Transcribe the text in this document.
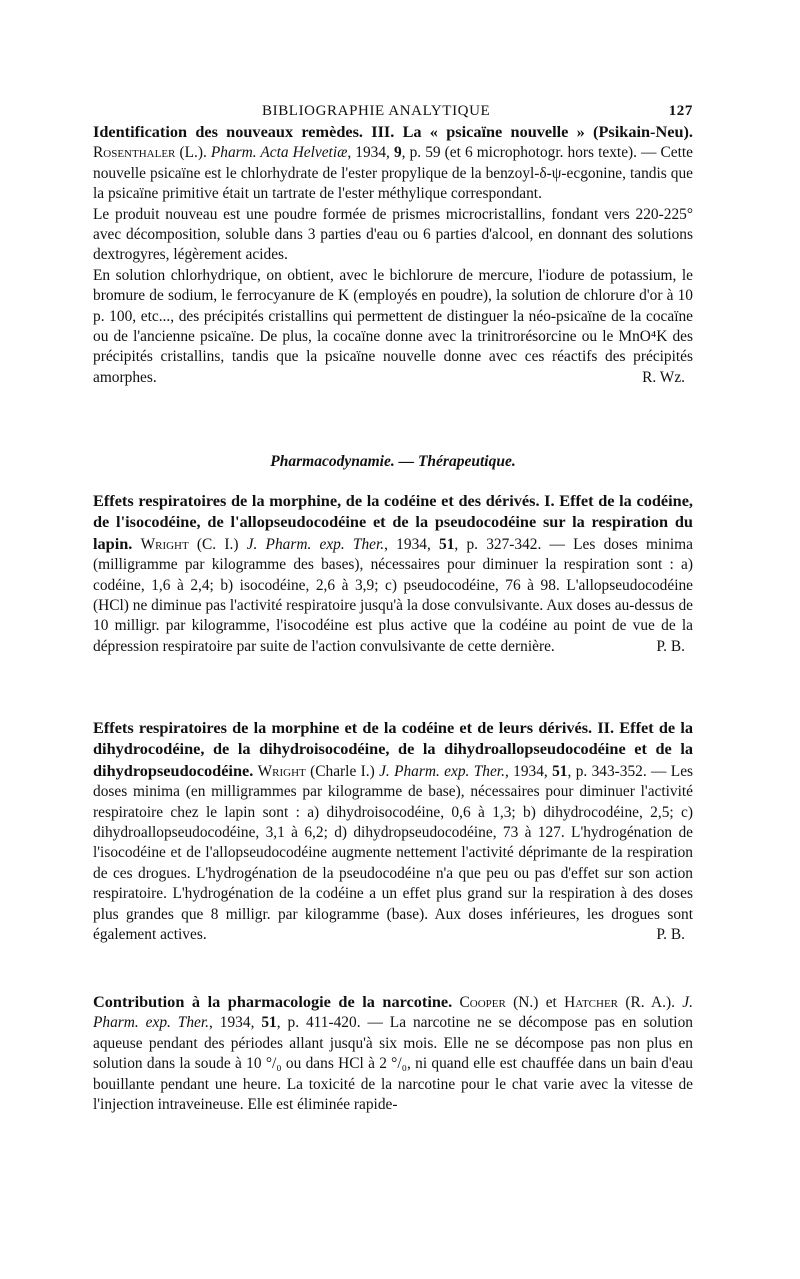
BIBLIOGRAPHIE ANALYTIQUE	127

Identification des nouveaux remèdes. III. La « psicaïne nouvelle » (Psikain-Neu). Rosenthaler (L.). Pharm. Acta Helvetiæ, 1934, 9, p. 59 (et 6 microphotogr. hors texte). — Cette nouvelle psicaïne est le chlorhydrate de l'ester propylique de la benzoyl-δ-ψ-ecgonine, tandis que la psicaïne primitive était un tartrate de l'ester méthylique correspondant.

Le produit nouveau est une poudre formée de prismes microcristallins, fondant vers 220-225° avec décomposition, soluble dans 3 parties d'eau ou 6 parties d'alcool, en donnant des solutions dextrogyres, légèrement acides.

En solution chlorhydrique, on obtient, avec le bichlorure de mercure, l'iodure de potassium, le bromure de sodium, le ferrocyanure de K (employés en poudre), la solution de chlorure d'or à 10 p. 100, etc..., des précipités cristallins qui permettent de distinguer la néo-psicaïne de la cocaïne ou de l'ancienne psicaïne. De plus, la cocaïne donne avec la trinitrorésorcine ou le MnO⁴K des précipités cristallins, tandis que la psicaïne nouvelle donne avec ces réactifs des précipités amorphes.	R. Wz.

Pharmacodynamie. — Thérapeutique.

Effets respiratoires de la morphine, de la codéine et des dérivés. I. Effet de la codéine, de l'isocodéine, de l'allopseudocodéine et de la pseudocodéine sur la respiration du lapin. Wright (C. I.) J. Pharm. exp. Ther., 1934, 51, p. 327-342. — Les doses minima (milligramme par kilogramme des bases), nécessaires pour diminuer la respiration sont : a) codéine, 1,6 à 2,4; b) isocodéine, 2,6 à 3,9; c) pseudocodéine, 76 à 98. L'allopseudocodéine (HCl) ne diminue pas l'activité respiratoire jusqu'à la dose convulsivante. Aux doses au-dessus de 10 milligr. par kilogramme, l'isocodéine est plus active que la codéine au point de vue de la dépression respiratoire par suite de l'action convulsivante de cette dernière.	P. B.

Effets respiratoires de la morphine et de la codéine et de leurs dérivés. II. Effet de la dihydrocodéine, de la dihydroisocodéine, de la dihydroallopseudocodéine et de la dihydropseudocodéine. Wright (Charle I.) J. Pharm. exp. Ther., 1934, 51, p. 343-352. — Les doses minima (en milligrammes par kilogramme de base), nécessaires pour diminuer l'activité respiratoire chez le lapin sont : a) dihydroisocodéine, 0,6 à 1,3; b) dihydrocodéine, 2,5; c) dihydroallopseudocodéine, 3,1 à 6,2; d) dihydropseudocodéine, 73 à 127. L'hydrogénation de l'isocodéine et de l'allopseudocodéine augmente nettement l'activité déprimante de la respiration de ces drogues. L'hydrogénation de la pseudocodéine n'a que peu ou pas d'effet sur son action respiratoire. L'hydrogénation de la codéine a un effet plus grand sur la respiration à des doses plus grandes que 8 milligr. par kilogramme (base). Aux doses inférieures, les drogues sont également actives.	P. B.

Contribution à la pharmacologie de la narcotine. Cooper (N.) et Hatcher (R. A.). J. Pharm. exp. Ther., 1934, 51, p. 411-420. — La narcotine ne se décompose pas en solution aqueuse pendant des périodes allant jusqu'à six mois. Elle ne se décompose pas non plus en solution dans la soude à 10 °/₀ ou dans HCl à 2 °/₀, ni quand elle est chauffée dans un bain d'eau bouillante pendant une heure. La toxicité de la narcotine pour le chat varie avec la vitesse de l'injection intraveineuse. Elle est éliminée rapide-
